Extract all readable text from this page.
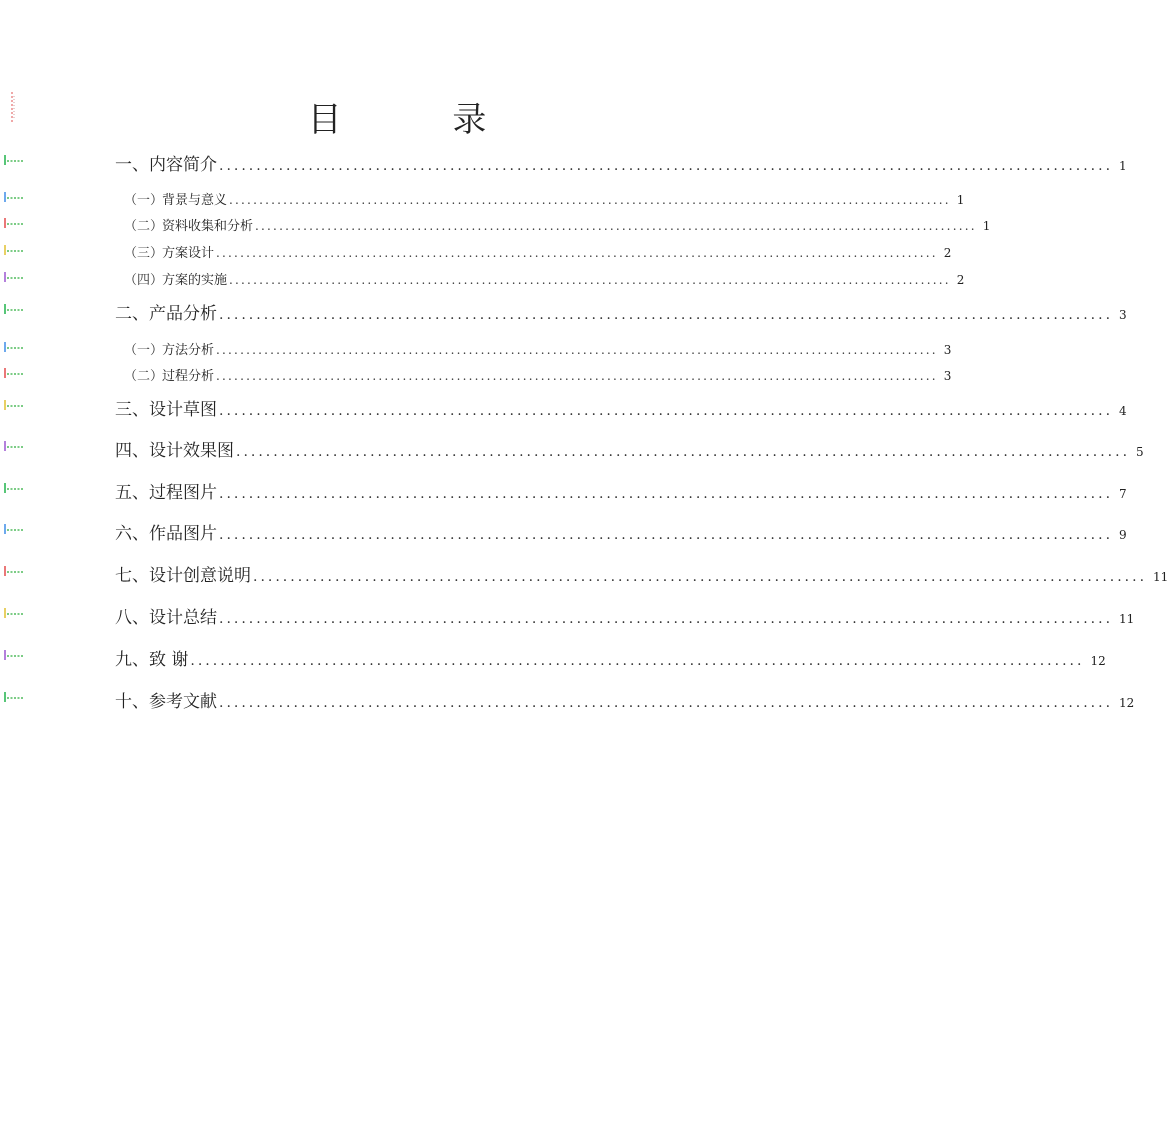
目 录
一、 内容简介 ........................................................................................................................ 1
（一）
背景与意义 ........................................................................................................................ 1
（二）
资料收集和分析 ........................................................................................................................ 1
（三）
方案设计 ........................................................................................................................ 2
（四）
方案的实施 ........................................................................................................................ 2
二、 产品分析 ........................................................................................................................ 3
（一）
方法分析 ........................................................................................................................ 3
（二）
过程分析 ........................................................................................................................ 3
三、 设计草图 ........................................................................................................................ 4
四、 设计效果图 ........................................................................................................................ 5
五、 过程图片 ........................................................................................................................ 7
六、 作品图片 ........................................................................................................................ 9
七、 设计创意说明 ........................................................................................................................ 11
八、 设计总结 ........................................................................................................................ 11
九、 致 谢 ........................................................................................................................ 12
十、 参考文献 ........................................................................................................................ 12
